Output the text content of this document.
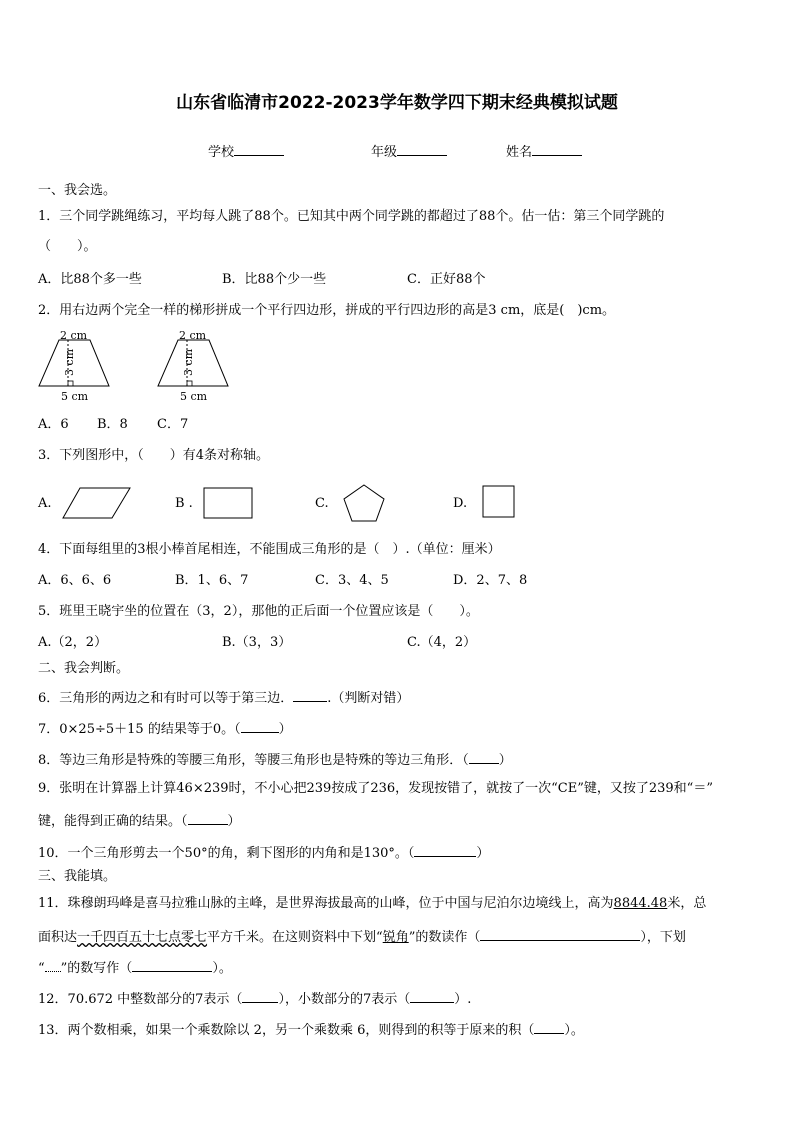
山东省临清市2022-2023学年数学四下期末经典模拟试题
学校	年级	姓名
一、我会选。
1．三个同学跳绳练习，平均每人跳了88个。已知其中两个同学跳的都超过了88个。估一估：第三个同学跳的
（　　）。
A．比88个多一些	B．比88个少一些	C．正好88个
2．用右边两个完全一样的梯形拼成一个平行四边形，拼成的平行四边形的高是3 cm，底是(　)cm。
2 cm
3 cm
5 cm
2 cm
3 cm
5 cm
A．6 B．8 C．7
3．下列图形中，（　　）有4条对称轴。
A.	B .	C.	D.
4．下面每组里的3根小棒首尾相连，不能围成三角形的是（　）.（单位：厘米）
A．6、6、6	B．1、6、7	C．3、4、5	D．2、7、8
5．班里王晓宇坐的位置在（3，2），那他的正后面一个位置应该是（　　）。
A.（2，2）	B.（3，3）	C.（4，2）
二、我会判断。
6．三角形的两边之和有时可以等于第三边．	.（判断对错）
7．0×25÷5＋15 的结果等于0。（	）
8．等边三角形是特殊的等腰三角形，等腰三角形也是特殊的等边三角形．（ ）
9．张明在计算器上计算46×239时，不小心把239按成了236，发现按错了，就按了一次“CE”键，又按了239和“＝”
键，能得到正确的结果。（	）
10．一个三角形剪去一个50°的角，剩下图形的内角和是130°。（	）
三、我能填。
11．珠穆朗玛峰是喜马拉雅山脉的主峰，是世界海拔最高的山峰，位于中国与尼泊尔边境线上，高为8844.48米，总
面积达一千四百五十七点零七平方千米。在这则资料中下划“锐角”的数读作（	），下划
“ ”的数写作（	）。
12．70.672 中整数部分的7表示（	），小数部分的7表示（	）.
13．两个数相乘，如果一个乘数除以 2，另一个乘数乘 6，则得到的积等于原来的积（ ）。
